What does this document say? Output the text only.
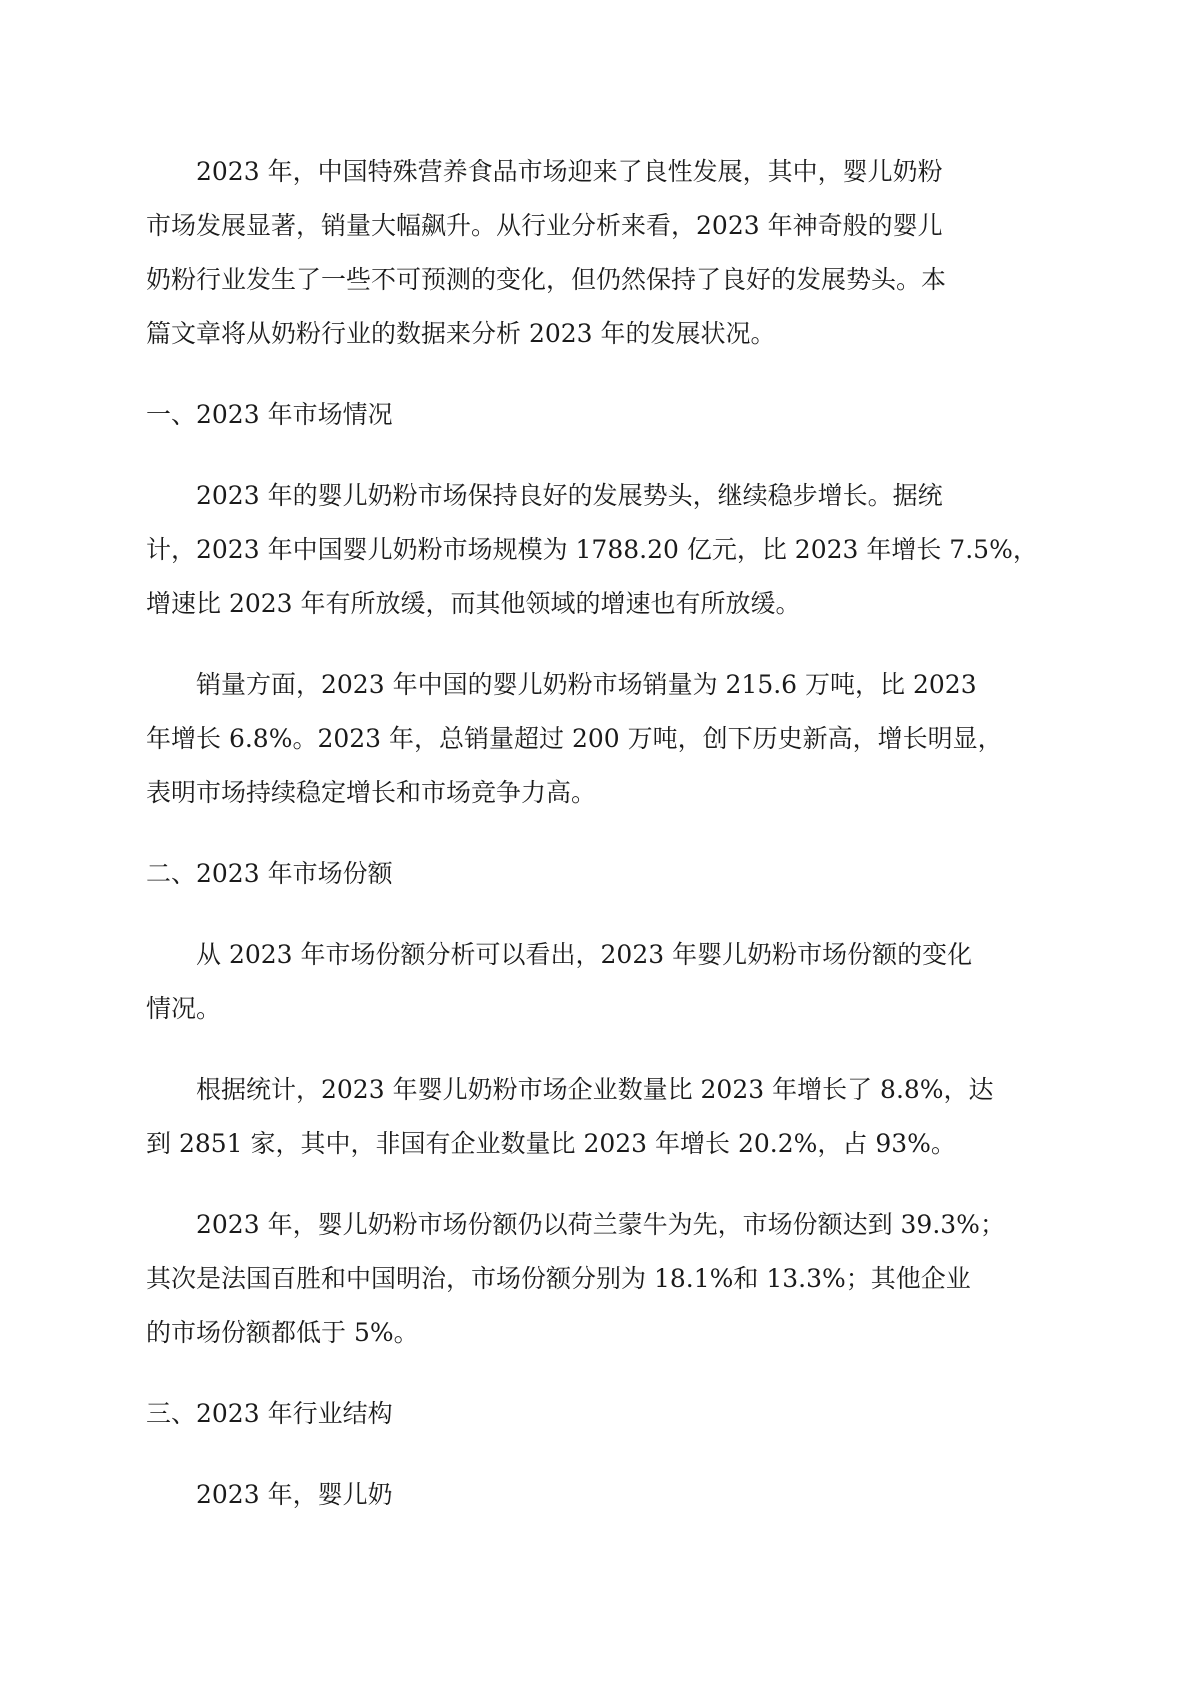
2023 年，中国特殊营养食品市场迎来了良性发展，其中，婴儿奶粉
市场发展显著，销量大幅飙升。从行业分析来看，2023 年神奇般的婴儿
奶粉行业发生了一些不可预测的变化，但仍然保持了良好的发展势头。本
篇文章将从奶粉行业的数据来分析 2023 年的发展状况。
一、2023 年市场情况
2023 年的婴儿奶粉市场保持良好的发展势头，继续稳步增长。据统
计，2023 年中国婴儿奶粉市场规模为 1788.20 亿元，比 2023 年增长 7.5%，
增速比 2023 年有所放缓，而其他领域的增速也有所放缓。
销量方面，2023 年中国的婴儿奶粉市场销量为 215.6 万吨，比 2023
年增长 6.8%。2023 年，总销量超过 200 万吨，创下历史新高，增长明显，
表明市场持续稳定增长和市场竞争力高。
二、2023 年市场份额
从 2023 年市场份额分析可以看出，2023 年婴儿奶粉市场份额的变化
情况。
根据统计，2023 年婴儿奶粉市场企业数量比 2023 年增长了 8.8%，达
到 2851 家，其中，非国有企业数量比 2023 年增长 20.2%，占 93%。
2023 年，婴儿奶粉市场份额仍以荷兰蒙牛为先，市场份额达到 39.3%；
其次是法国百胜和中国明治，市场份额分别为 18.1%和 13.3%；其他企业
的市场份额都低于 5%。
三、2023 年行业结构
2023 年，婴儿奶
